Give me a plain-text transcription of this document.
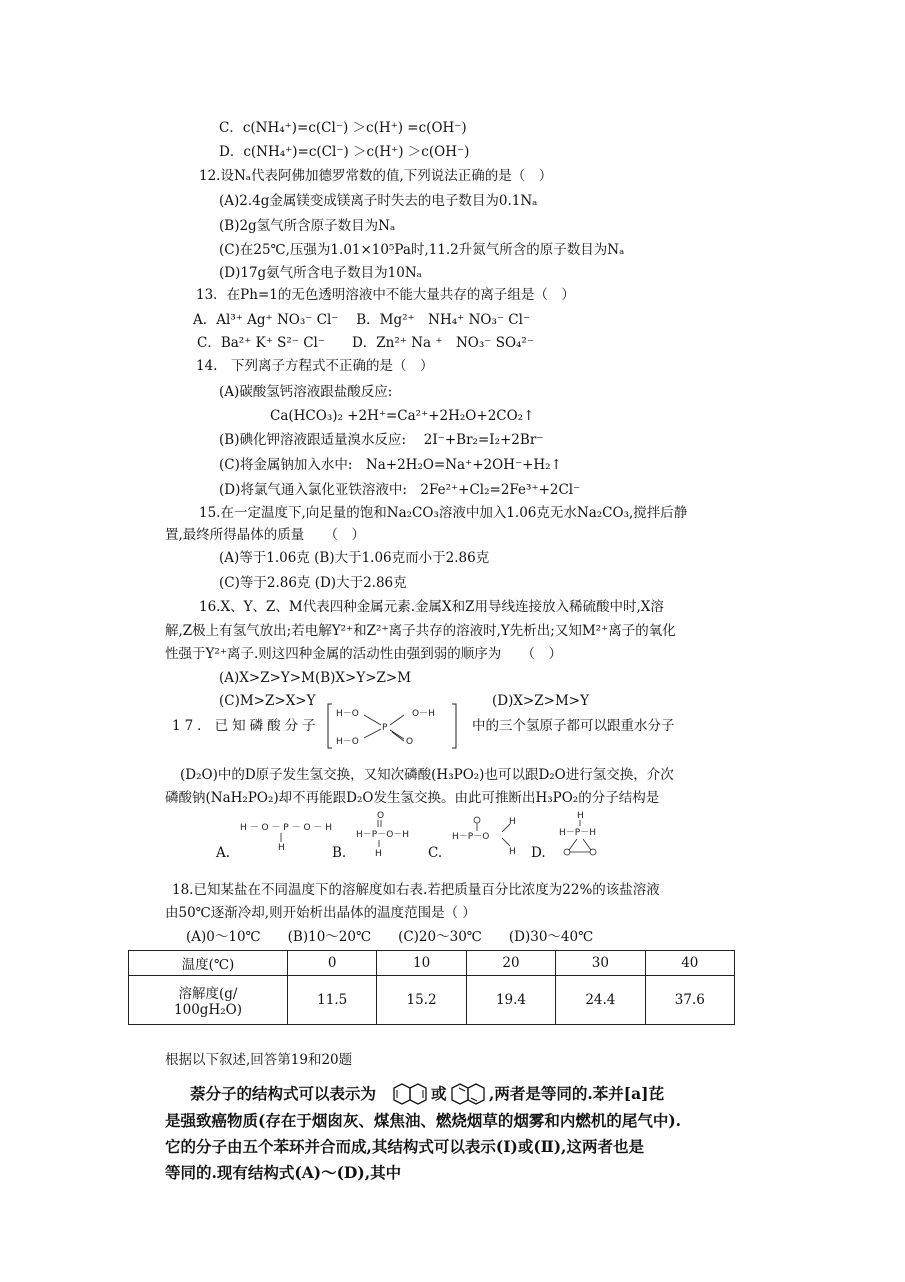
C．c(NH₄⁺)=c(Cl⁻) ＞c(H⁺) =c(OH⁻)
D．c(NH₄⁺)=c(Cl⁻) ＞c(H⁺) ＞c(OH⁻)
12.设Nₐ代表阿佛加德罗常数的值,下列说法正确的是（　）
(A)2.4g金属镁变成镁离子时失去的电子数目为0.1Nₐ
(B)2g氢气所含原子数目为Nₐ
(C)在25℃,压强为1.01×10⁵Pa时,11.2升氮气所含的原子数目为Nₐ
(D)17g氨气所含电子数目为10Nₐ
13．在Ph=1的无色透明溶液中不能大量共存的离子组是（　）
A．Al³⁺ Ag⁺ NO₃⁻ Cl⁻　 B．Mg²⁺　NH₄⁺ NO₃⁻ Cl⁻
C．Ba²⁺ K⁺ S²⁻ Cl⁻　　D．Zn²⁺ Na ⁺　NO₃⁻ SO₄²⁻
14.　下列离子方程式不正确的是（　）
(A)碳酸氢钙溶液跟盐酸反应:
Ca(HCO₃)₂ +2H⁺=Ca²⁺+2H₂O+2CO₂↑
(B)碘化钾溶液跟适量溴水反应:　 2I⁻+Br₂=I₂+2Br⁻
(C)将金属钠加入水中:　Na+2H₂O=Na⁺+2OH⁻+H₂↑
(D)将氯气通入氯化亚铁溶液中:　2Fe²⁺+Cl₂=2Fe³⁺+2Cl⁻
15.在一定温度下,向足量的饱和Na₂CO₃溶液中加入1.06克无水Na₂CO₃,搅拌后静
置,最终所得晶体的质量　　（　）
(A)等于1.06克 (B)大于1.06克而小于2.86克
(C)等于2.86克 (D)大于2.86克
16.X、Y、Z、M代表四种金属元素.金属X和Z用导线连接放入稀硫酸中时,X溶
解,Z极上有氢气放出;若电解Y²⁺和Z²⁺离子共存的溶液时,Y先析出;又知M²⁺离子的氧化
性强于Y²⁺离子.则这四种金属的活动性由强到弱的顺序为　　（　）
(A)X>Z>Y>M(B)X>Y>Z>M
(C)M>Z>X>Y	(D)X>Z>M>Y
17．已知磷酸分子
H－O
H－O
P
O－H
O
中的三个氢原子都可以跟重水分子
(D₂O)中的D原子发生氢交换，又知次磷酸(H₃PO₂)也可以跟D₂O进行氢交换，介次
磷酸钠(NaH₂PO₂)却不再能跟D₂O发生氢交换。由此可推断出H₃PO₂的分子结构是
H － O － P － O － H
H
A.
O
H－P－O－H
H
B.
H－P－O
H
H
C.
H
H－P－H
D.
18.已知某盐在不同温度下的溶解度如右表.若把质量百分比浓度为22%的该盐溶液
由50℃逐渐冷却,则开始析出晶体的温度范围是（ ）
(A)0～10℃　　(B)10～20℃　　(C)20～30℃　　(D)30～40℃
温度(℃)	0	10	20	30	40

溶解度(g/
100gH₂O)	11.5	15.2	19.4	24.4	37.6
根据以下叙述,回答第19和20题
萘分子的结构式可以表示为	或	,两者是等同的.苯并[a]芘
是强致癌物质(存在于烟囱灰、煤焦油、燃烧烟草的烟雾和内燃机的尾气中).
它的分子由五个苯环并合而成,其结构式可以表示(Ⅰ)或(Ⅱ),这两者也是
等同的.现有结构式(A)～(D),其中
